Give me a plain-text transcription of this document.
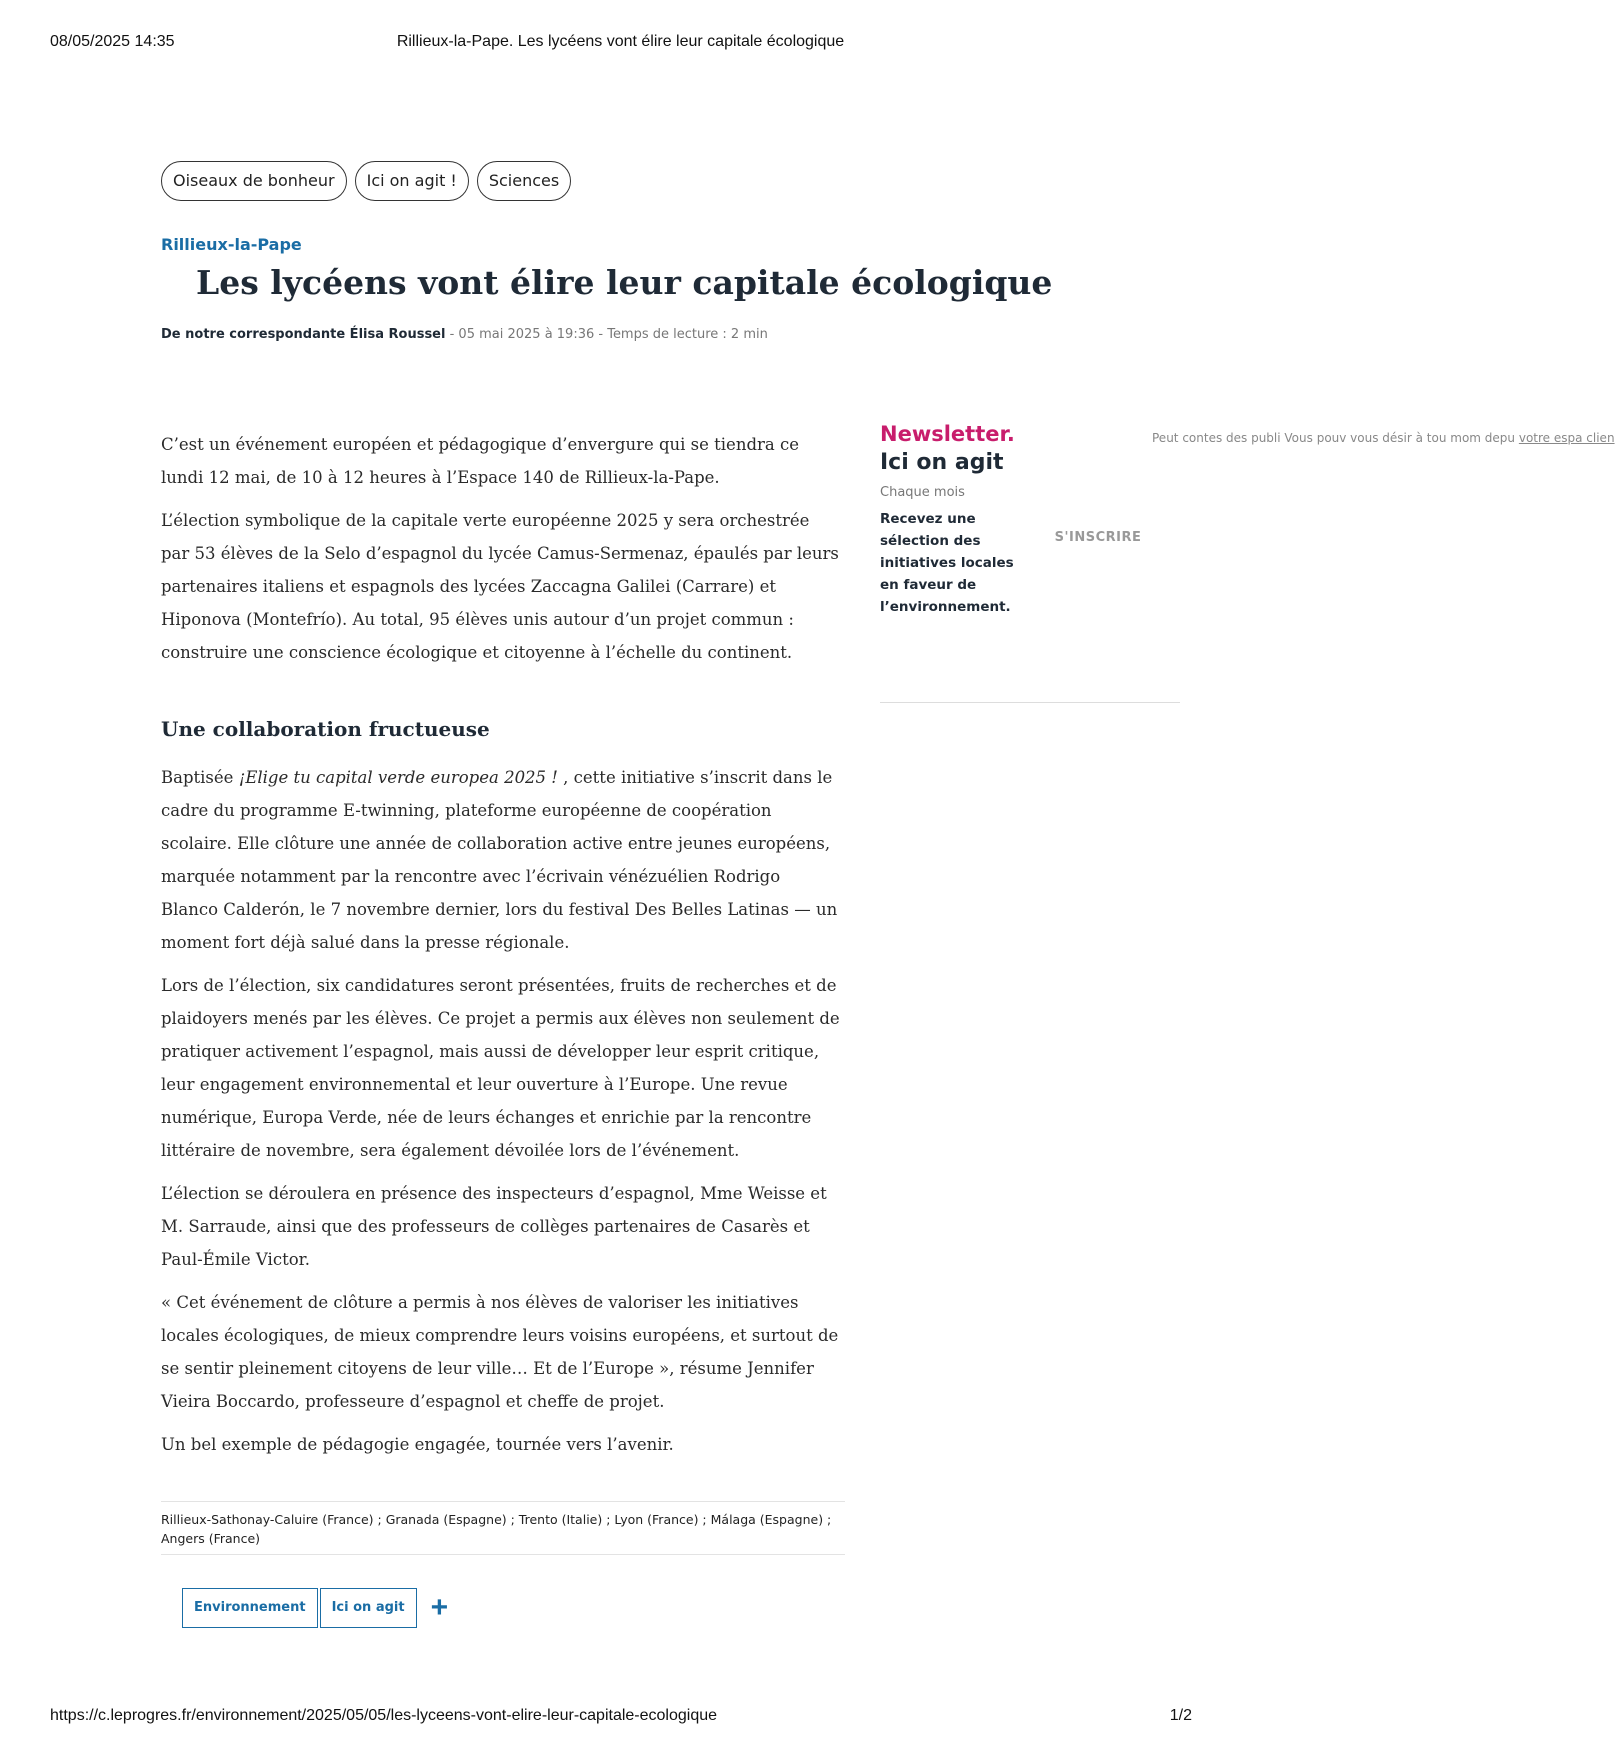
08/05/2025 14:35	Rillieux-la-Pape. Les lycéens vont élire leur capitale écologique
Oiseaux de bonheur	Ici on agit !	Sciences
Rillieux-la-Pape
Les lycéens vont élire leur capitale écologique
De notre correspondante Élisa Roussel - 05 mai 2025 à 19:36 - Temps de lecture : 2 min

C’est un événement européen et pédagogique d’envergure qui se tiendra ce lundi 12 mai, de 10 à 12 heures à l’Espace 140 de Rillieux-la-Pape.

L’élection symbolique de la capitale verte européenne 2025 y sera orchestrée par 53 élèves de la Selo d’espagnol du lycée Camus-Sermenaz, épaulés par leurs partenaires italiens et espagnols des lycées Zaccagna Galilei (Carrare) et Hiponova (Montefrío). Au total, 95 élèves unis autour d’un projet commun : construire une conscience écologique et citoyenne à l’échelle du continent.

Une collaboration fructueuse

Baptisée ¡Elige tu capital verde europea 2025 ! , cette initiative s’inscrit dans le cadre du programme E-twinning, plateforme européenne de coopération scolaire. Elle clôture une année de collaboration active entre jeunes européens, marquée notamment par la rencontre avec l’écrivain vénézuélien Rodrigo Blanco Calderón, le 7 novembre dernier, lors du festival Des Belles Latinas — un moment fort déjà salué dans la presse régionale.

Lors de l’élection, six candidatures seront présentées, fruits de recherches et de plaidoyers menés par les élèves. Ce projet a permis aux élèves non seulement de pratiquer activement l’espagnol, mais aussi de développer leur esprit critique, leur engagement environnemental et leur ouverture à l’Europe. Une revue numérique, Europa Verde, née de leurs échanges et enrichie par la rencontre littéraire de novembre, sera également dévoilée lors de l’événement.

L’élection se déroulera en présence des inspecteurs d’espagnol, Mme Weisse et M. Sarraude, ainsi que des professeurs de collèges partenaires de Casarès et Paul-Émile Victor.

« Cet événement de clôture a permis à nos élèves de valoriser les initiatives locales écologiques, de mieux comprendre leurs voisins européens, et surtout de se sentir pleinement citoyens de leur ville… Et de l’Europe », résume Jennifer Vieira Boccardo, professeure d’espagnol et cheffe de projet.

Un bel exemple de pédagogie engagée, tournée vers l’avenir.

Newsletter.
Ici on agit
Chaque mois
Recevez une sélection des initiatives locales en faveur de l’environnement.
S'INSCRIRE
Peut contes des publi Vous pouv vous désir à tou mom depu votre espa clien
Rillieux-Sathonay-Caluire (France) ; Granada (Espagne) ; Trento (Italie) ; Lyon (France) ; Málaga (Espagne) ; Angers (France)
Environnement	Ici on agit +
https://c.leprogres.fr/environnement/2025/05/05/les-lyceens-vont-elire-leur-capitale-ecologique	1/2
